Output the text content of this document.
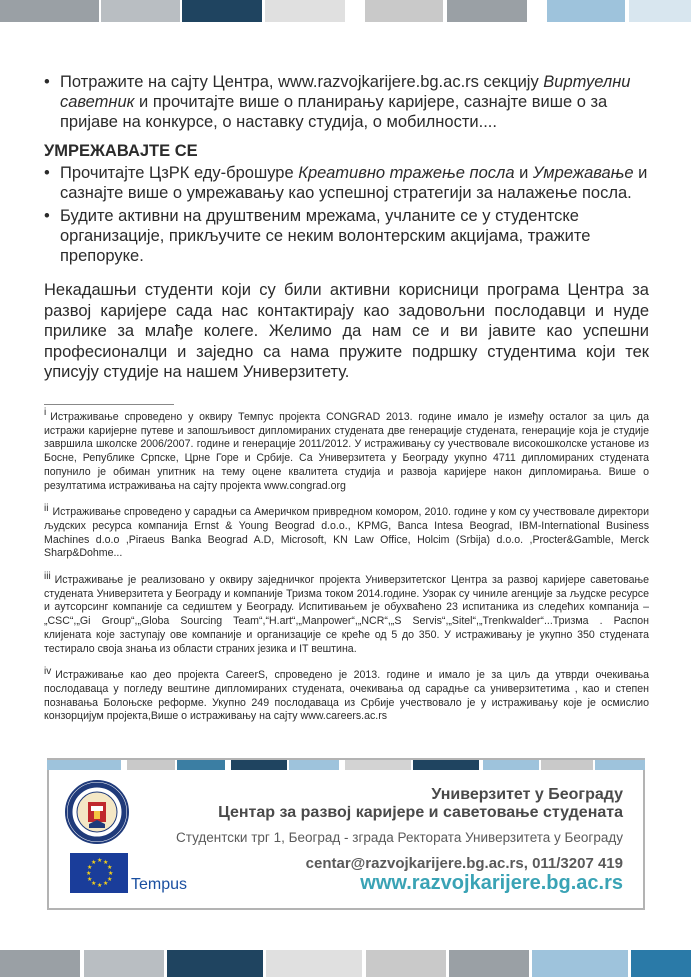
• Потражите на сајту Центра, www.razvojkarijere.bg.ac.rs секцију Виртуелни саветник и прочитајте више о планирању каријере, сазнајте више о за пријаве на конкурсе, о наставку студија, о мобилности....
УМРЕЖАВАЈТЕ СЕ
• Прочитајте ЦзРК еду-брошуре Креативно тражење посла и Умрежавање и сазнајте више о умрежавању као успешној стратегији за налажење посла.
• Будите активни на друштвеним мрежама, учланите се у студентске организације, прикључите се неким волонтерским акцијама, тражите препоруке.
Некадашњи студенти који су били активни корисници програма Центра за развој каријере сада нас контактирају као задовољни послодавци и нуде прилике за млађе колеге. Желимо да нам се и ви јавите као успешни професионалци и заједно са нама пружите подршку студентима који тек уписују студије на нашем Универзитету.
$^i$ Истраживање спроведено у оквиру Темпус пројекта CONGRAD 2013. године имало је између осталог за циљ да истражи каријерне путеве и запошљивост дипломираних студената две генерације студената, генерације која је студије завршила школске 2006/2007. године и генерације 2011/2012. У истраживању су учествовале високошколске установе из Босне, Републике Српске, Црне Горе и Србије. Са Универзитета у Београду укупно 4711 дипломираних студената попунило је обиман упитник на тему оцене квалитета студија и развоја каријере након дипломирања. Више о резултатима истраживања на сајту пројекта www.congrad.org
$^{ii}$ Истраживање спроведено у сарадњи са Америчком привредном комором, 2010. године у ком су учествовале директори људских ресурса компанија Ernst & Young Beograd d.o.o., KPMG, Banca Intesa Beograd, IBM-International Business Machines d.o.o ,Piraeus Banka Beograd A.D, Microsoft, KN Law Office, Holcim (Srbija) d.o.o. ,Procter&Gamble, Merck Sharp&Dohme...
$^{iii}$ Истраживање је реализовано у оквиру заједничког пројекта Универзитетског Центра за развој каријере саветовање студената Универзитета у Београду и компаније Тризма током 2014.године. Узорак су чиниле агенције за људске ресурсе и аутсорсинг компаније са седиштем у Београду. Испитивањем је обухваћено 23 испитаника из следећих компанија – „CSC“,„Gi Group“,„Globa Sourcing Team“,“H.art“,„Manpower“,„NCR“,„S Servis“,„Sitel“,„Trenkwalder“...Тризма . Распон клијената које заступају ове компаније и организације се креће од 5 до 350. У истраживању је укупно 350 студената тестирало своја знања из области страних језика и IT вештина.
$^{iv}$ Истраживање као део пројекта CareerS, спроведено је 2013. године и имало је за циљ да утврди очекивања послодаваца у погледу вештине дипломираних студената, очекивања од сарадње са универзитетима , као и степен познавања Болоњске реформе. Укупно 249 послодаваца из Србије учествовало је у истраживању које је осмислио конзорцијум пројекта,Више о истраживању на сајту www.careers.ac.rs
★ ★
★
★
★
★
★
★
★
★
★
★
Tempus
Универзитет у Београду
Центар за развој каријере и саветовање студената
Студентски трг 1, Београд - зграда Ректората Универзитета у Београду
centar@razvojkarijere.bg.ac.rs, 011/3207 419
www.razvojkarijere.bg.ac.rs
